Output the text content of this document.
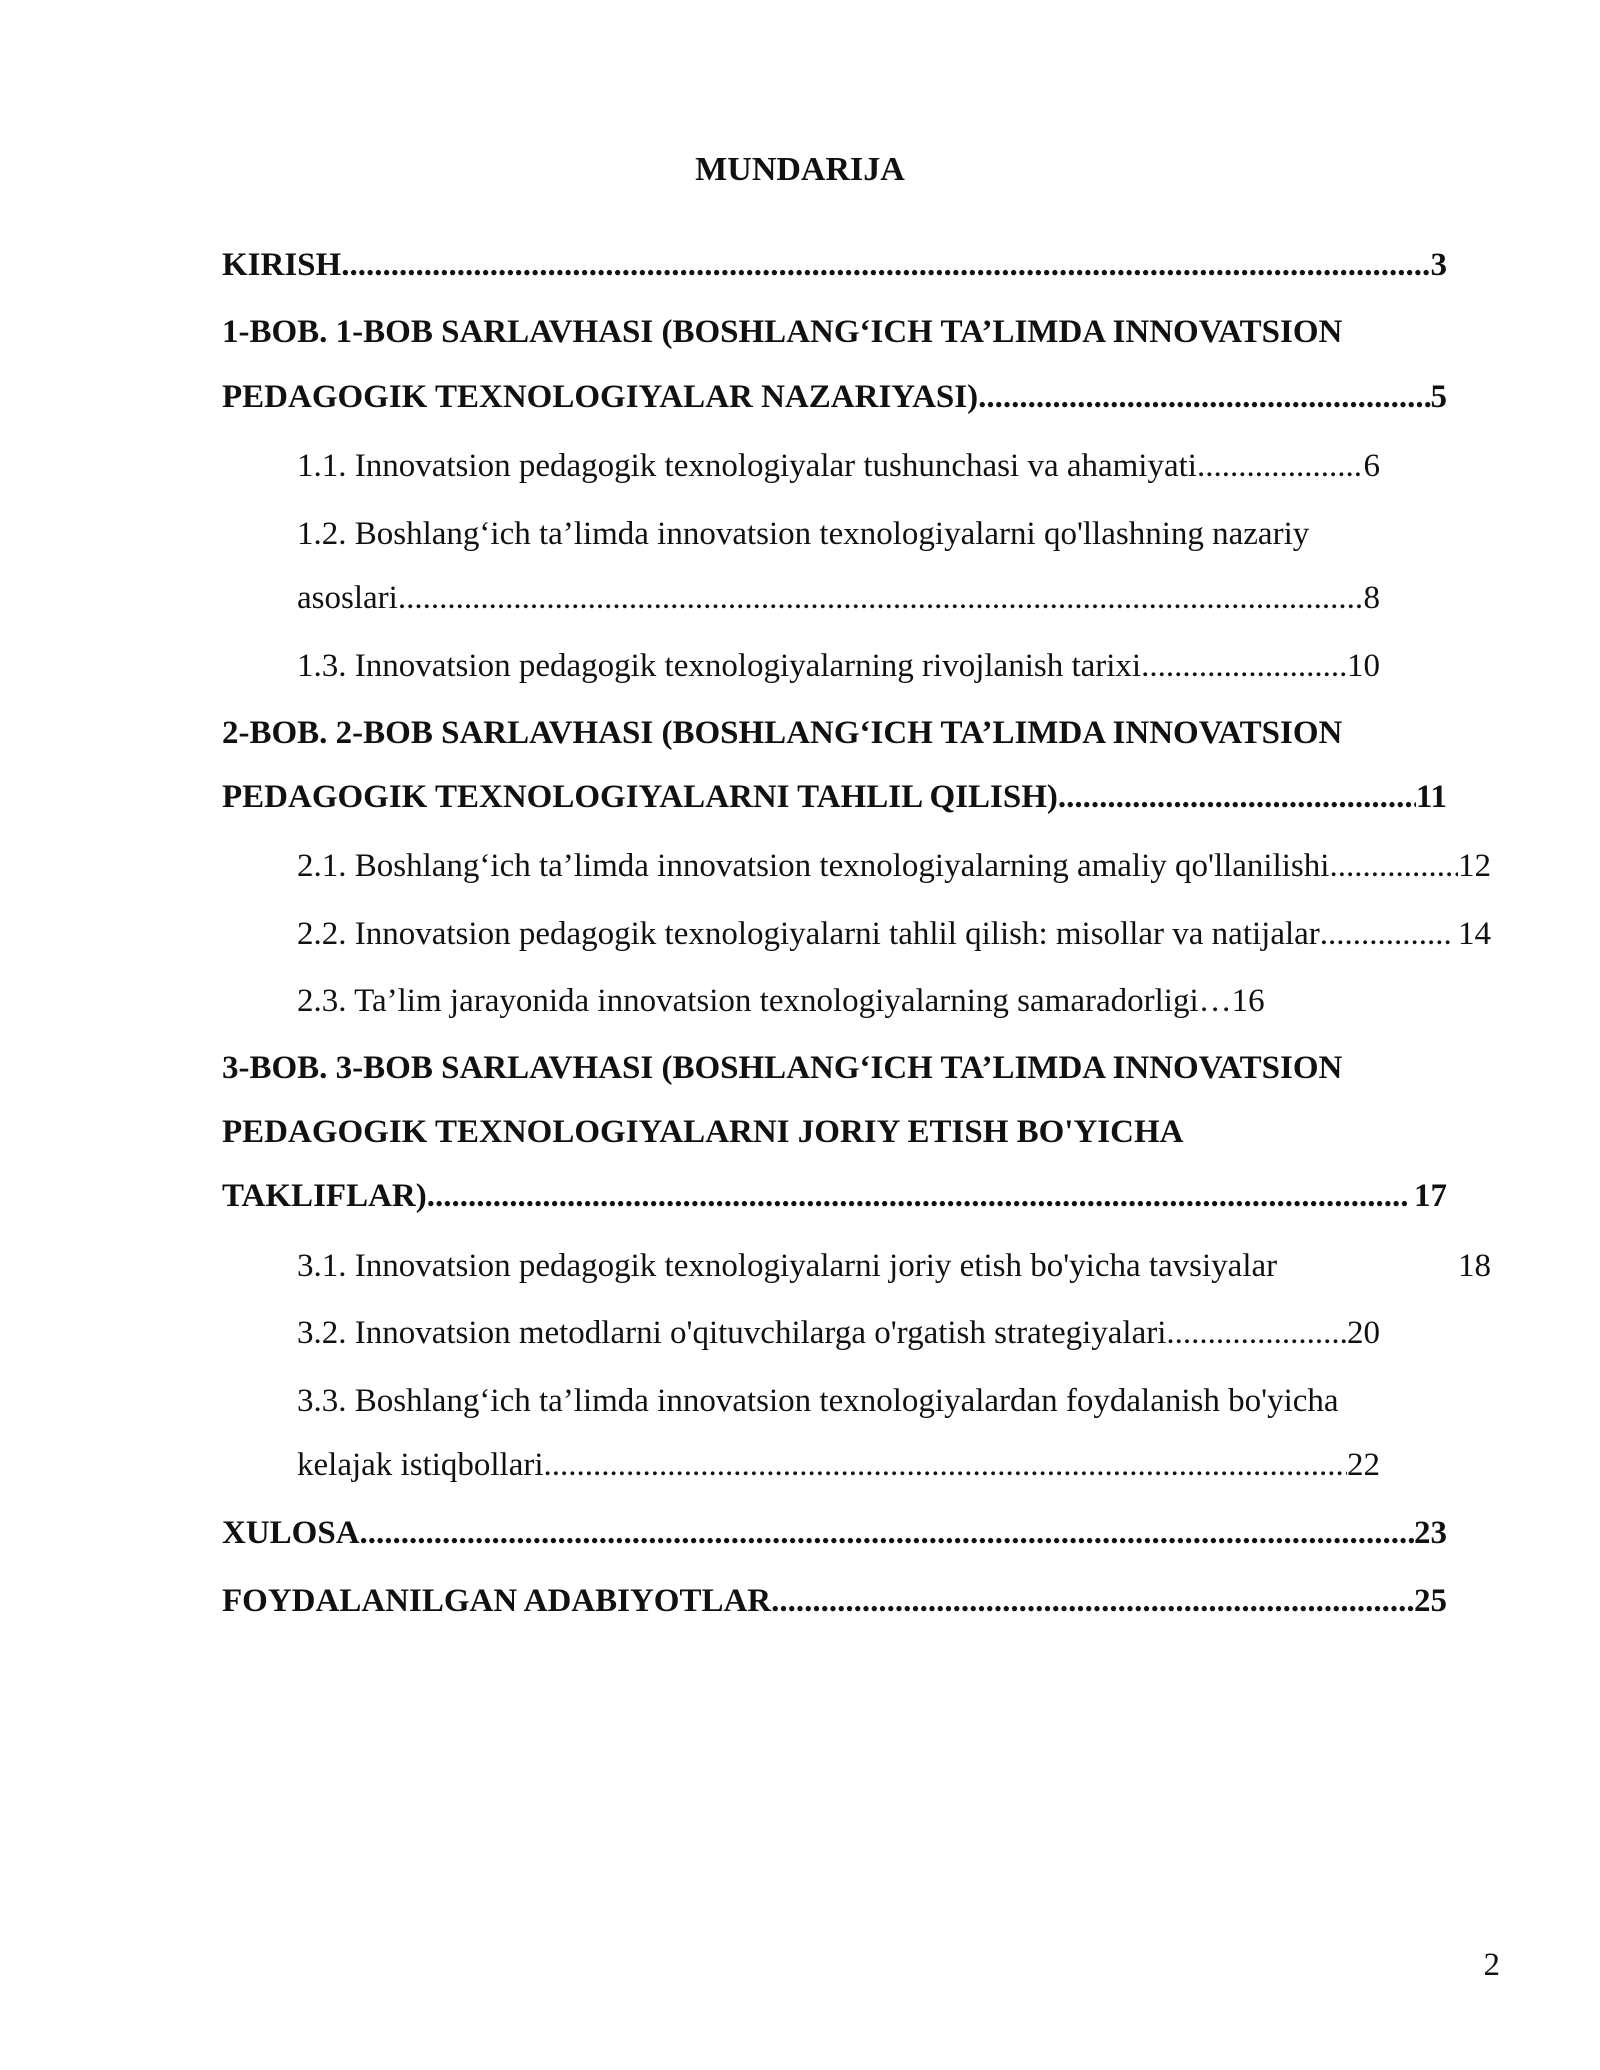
MUNDARIJA
KIRISH .....	3
1-BOB. 1-BOB SARLAVHASI (BOSHLANG‘ICH TA’LIMDA INNOVATSION
PEDAGOGIK TEXNOLOGIYALAR NAZARIYASI) .....	5
1.1. Innovatsion pedagogik texnologiyalar tushunchasi va ahamiyati .....	6
1.2. Boshlang‘ich ta’limda innovatsion texnologiyalarni qo'llashning nazariy
asoslari .....	8
1.3. Innovatsion pedagogik texnologiyalarning rivojlanish tarixi .....	10
2-BOB. 2-BOB SARLAVHASI (BOSHLANG‘ICH TA’LIMDA INNOVATSION
PEDAGOGIK TEXNOLOGIYALARNI TAHLIL QILISH) .....	11
2.1. Boshlang‘ich ta’limda innovatsion texnologiyalarning amaliy qo'llanilishi .....	12
2.2. Innovatsion pedagogik texnologiyalarni tahlil qilish: misollar va natijalar .....	14
2.3. Ta’lim jarayonida innovatsion texnologiyalarning samaradorligi… 16
3-BOB. 3-BOB SARLAVHASI (BOSHLANG‘ICH TA’LIMDA INNOVATSION
PEDAGOGIK TEXNOLOGIYALARNI JORIY ETISH BO'YICHA
TAKLIFLAR) .....	17
3.1. Innovatsion pedagogik texnologiyalarni joriy etish bo'yicha tavsiyalar	18
3.2. Innovatsion metodlarni o'qituvchilarga o'rgatish strategiyalari .....	20
3.3. Boshlang‘ich ta’limda innovatsion texnologiyalardan foydalanish bo'yicha
kelajak istiqbollari .....	22
XULOSA .....	23
FOYDALANILGAN ADABIYOTLAR .....	25
2
